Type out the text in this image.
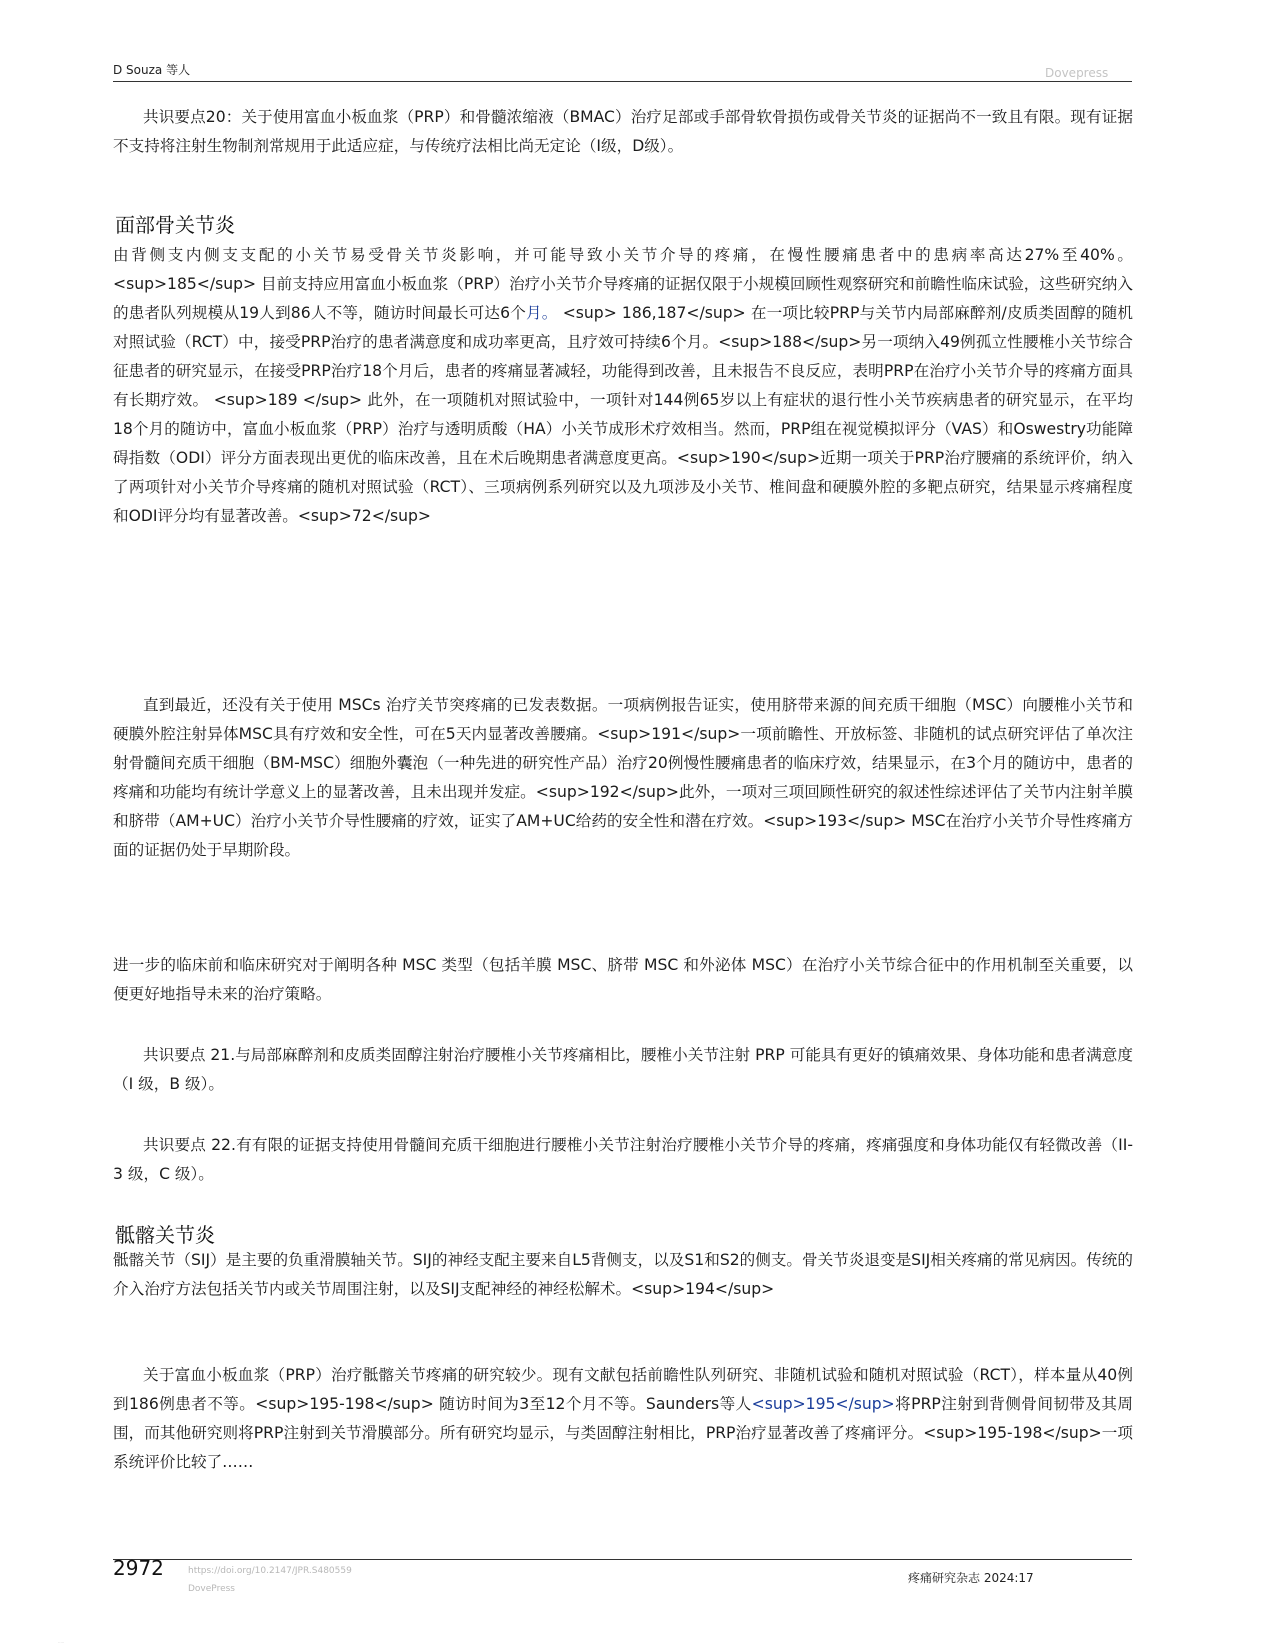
D Souza 等人	Dovepress

共识要点20：关于使用富血小板血浆（PRP）和骨髓浓缩液（BMAC）治疗足部或手部骨软骨损伤或骨关节炎的证据尚不一致且有限。现有证据不支持将注射生物制剂常规用于此适应症，与传统疗法相比尚无定论（I级，D级）。

面部骨关节炎

由背侧支内侧支支配的小关节易受骨关节炎影响，并可能导致小关节介导的疼痛，在慢性腰痛患者中的患病率高达27%至40%。<sup>185</sup> 目前支持应用富血小板血浆（PRP）治疗小关节介导疼痛的证据仅限于小规模回顾性观察研究和前瞻性临床试验，这些研究纳入的患者队列规模从19人到86人不等，随访时间最长可达6个月。 <sup> 186,187</sup> 在一项比较PRP与关节内局部麻醉剂/皮质类固醇的随机对照试验（RCT）中，接受PRP治疗的患者满意度和成功率更高，且疗效可持续6个月。<sup>188</sup>另一项纳入49例孤立性腰椎小关节综合征患者的研究显示，在接受PRP治疗18个月后，患者的疼痛显著减轻，功能得到改善，且未报告不良反应，表明PRP在治疗小关节介导的疼痛方面具有长期疗效。 <sup>189 </sup> 此外，在一项随机对照试验中，一项针对144例65岁以上有症状的退行性小关节疾病患者的研究显示，在平均18个月的随访中，富血小板血浆（PRP）治疗与透明质酸（HA）小关节成形术疗效相当。然而，PRP组在视觉模拟评分（VAS）和Oswestry功能障碍指数（ODI）评分方面表现出更优的临床改善，且在术后晚期患者满意度更高。<sup>190</sup>近期一项关于PRP治疗腰痛的系统评价，纳入了两项针对小关节介导疼痛的随机对照试验（RCT）、三项病例系列研究以及九项涉及小关节、椎间盘和硬膜外腔的多靶点研究，结果显示疼痛程度和ODI评分均有显著改善。<sup>72</sup>

直到最近，还没有关于使用 MSCs 治疗关节突疼痛的已发表数据。一项病例报告证实，使用脐带来源的间充质干细胞（MSC）向腰椎小关节和硬膜外腔注射异体MSC具有疗效和安全性，可在5天内显著改善腰痛。<sup>191</sup>一项前瞻性、开放标签、非随机的试点研究评估了单次注射骨髓间充质干细胞（BM-MSC）细胞外囊泡（一种先进的研究性产品）治疗20例慢性腰痛患者的临床疗效，结果显示，在3个月的随访中，患者的疼痛和功能均有统计学意义上的显著改善，且未出现并发症。<sup>192</sup>此外，一项对三项回顾性研究的叙述性综述评估了关节内注射羊膜和脐带（AM+UC）治疗小关节介导性腰痛的疗效，证实了AM+UC给药的安全性和潜在疗效。<sup>193</sup> MSC在治疗小关节介导性疼痛方面的证据仍处于早期阶段。

进一步的临床前和临床研究对于阐明各种 MSC 类型（包括羊膜 MSC、脐带 MSC 和外泌体 MSC）在治疗小关节综合征中的作用机制至关重要，以便更好地指导未来的治疗策略。

共识要点 21.与局部麻醉剂和皮质类固醇注射治疗腰椎小关节疼痛相比，腰椎小关节注射 PRP 可能具有更好的镇痛效果、身体功能和患者满意度（I 级，B 级）。

共识要点 22.有有限的证据支持使用骨髓间充质干细胞进行腰椎小关节注射治疗腰椎小关节介导的疼痛，疼痛强度和身体功能仅有轻微改善（II-3 级，C 级）。

骶髂关节炎

骶髂关节（SIJ）是主要的负重滑膜轴关节。SIJ的神经支配主要来自L5背侧支，以及S1和S2的侧支。骨关节炎退变是SIJ相关疼痛的常见病因。传统的介入治疗方法包括关节内或关节周围注射，以及SIJ支配神经的神经松解术。<sup>194</sup>

关于富血小板血浆（PRP）治疗骶髂关节疼痛的研究较少。现有文献包括前瞻性队列研究、非随机试验和随机对照试验（RCT），样本量从40例到186例患者不等。<sup>195-198</sup> 随访时间为3至12个月不等。Saunders等人<sup>195</sup>将PRP注射到背侧骨间韧带及其周围，而其他研究则将PRP注射到关节滑膜部分。所有研究均显示，与类固醇注射相比，PRP治疗显著改善了疼痛评分。<sup>195-198</sup>一项系统评价比较了……

2972	https://doi.org/10.2147/JPR.S480559
DovePress
疼痛研究杂志 2024:17
·····
